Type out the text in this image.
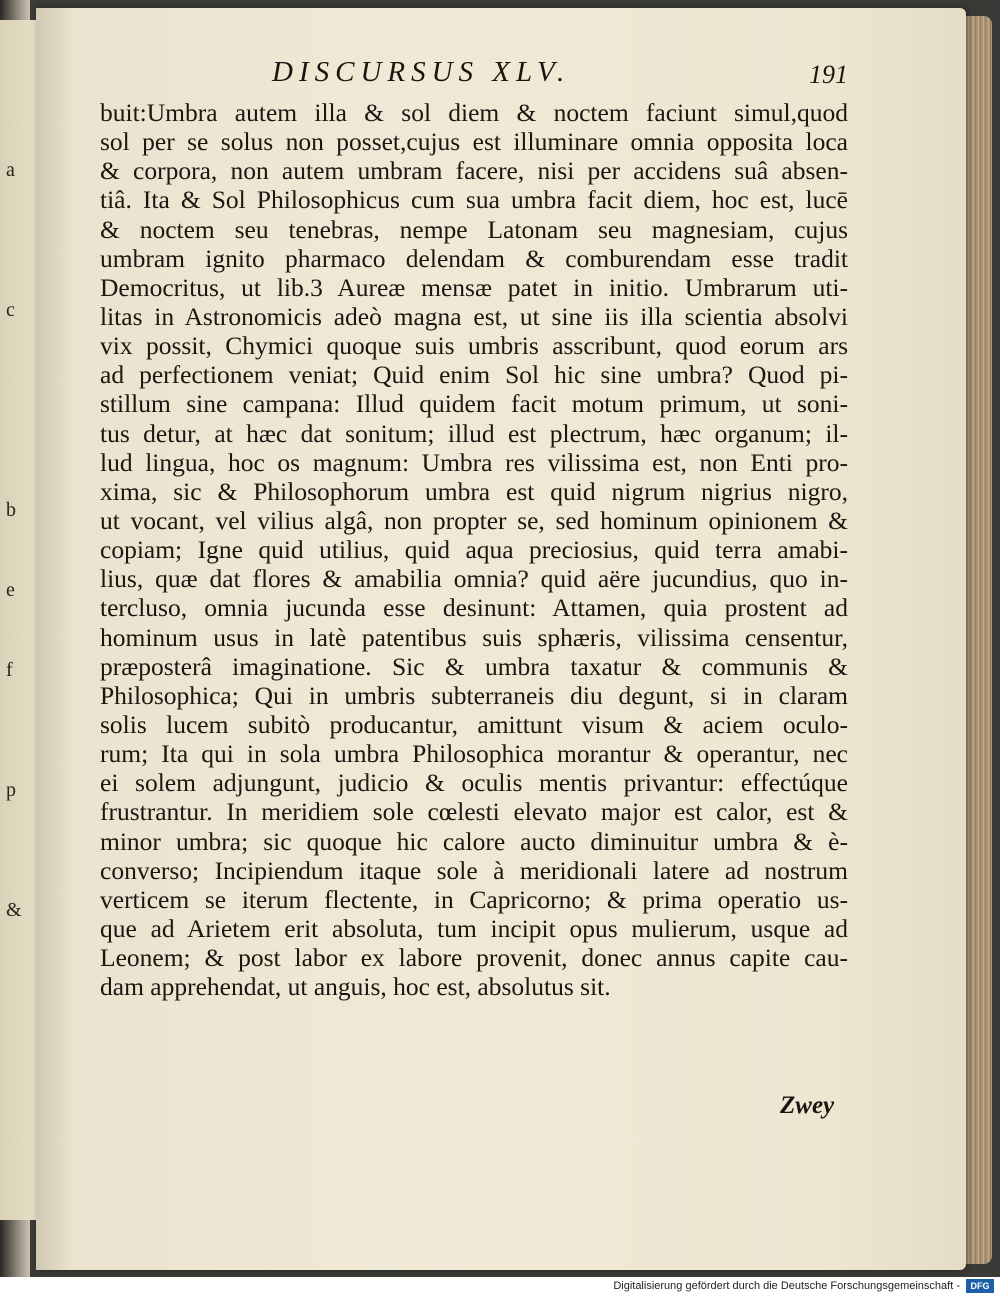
a
c
b
e
f
p
&
DISCURSUS XLV.	191
buit:Umbra autem illa & sol diem & noctem faciunt simul,quod
sol per se solus non posset,cujus est illuminare omnia opposita loca
& corpora, non autem umbram facere, nisi per accidens suâ absen-
tiâ. Ita & Sol Philosophicus cum sua umbra facit diem, hoc est, lucē
& noctem seu tenebras, nempe Latonam seu magnesiam, cujus
umbram ignito pharmaco delendam & comburendam esse tradit
Democritus, ut lib.3 Aureæ mensæ patet in initio. Umbrarum uti-
litas in Astronomicis adeò magna est, ut sine iis illa scientia absolvi
vix possit, Chymici quoque suis umbris asscribunt, quod eorum ars
ad perfectionem veniat; Quid enim Sol hic sine umbra? Quod pi-
stillum sine campana: Illud quidem facit motum primum, ut soni-
tus detur, at hæc dat sonitum; illud est plectrum, hæc organum; il-
lud lingua, hoc os magnum: Umbra res vilissima est, non Enti pro-
xima, sic & Philosophorum umbra est quid nigrum nigrius nigro,
ut vocant, vel vilius algâ, non propter se, sed hominum opinionem &
copiam; Igne quid utilius, quid aqua preciosius, quid terra amabi-
lius, quæ dat flores & amabilia omnia? quid aëre jucundius, quo in-
tercluso, omnia jucunda esse desinunt: Attamen, quia prostent ad
hominum usus in latè patentibus suis sphæris, vilissima censentur,
præposterâ imaginatione. Sic & umbra taxatur & communis &
Philosophica; Qui in umbris subterraneis diu degunt, si in claram
solis lucem subitò producantur, amittunt visum & aciem oculo-
rum; Ita qui in sola umbra Philosophica morantur & operantur, nec
ei solem adjungunt, judicio & oculis mentis privantur: effectúque
frustrantur. In meridiem sole cœlesti elevato major est calor, est &
minor umbra; sic quoque hic calore aucto diminuitur umbra & è-
converso; Incipiendum itaque sole à meridionali latere ad nostrum
verticem se iterum flectente, in Capricorno; & prima operatio us-
que ad Arietem erit absoluta, tum incipit opus mulierum, usque ad
Leonem; & post labor ex labore provenit, donec annus capite cau-
dam apprehendat, ut anguis, hoc est, absolutus sit.
Zwey
Digitalisierung gefördert durch die Deutsche Forschungsgemeinschaft -	DFG
